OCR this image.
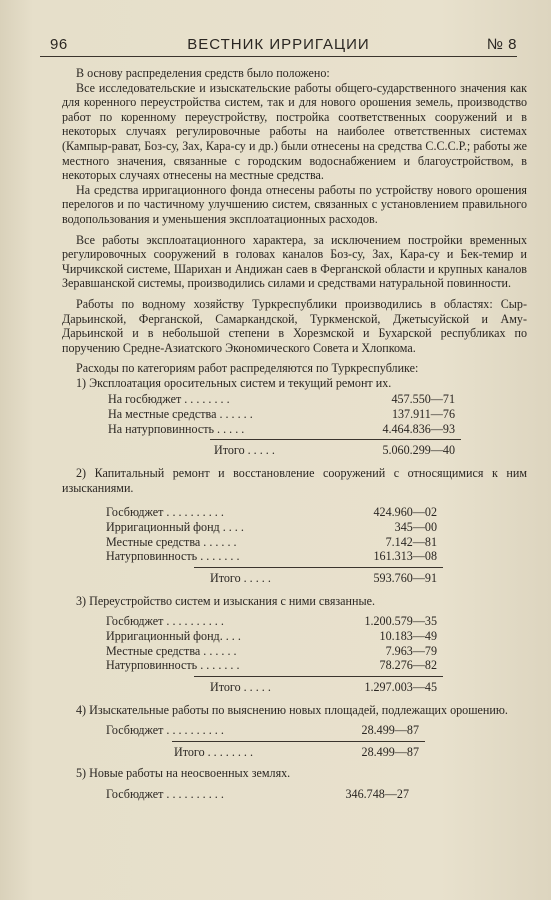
96	ВЕСТНИК ИРРИГАЦИИ	№ 8

В основу распределения средств было положено:

Все исследовательские и изыскательские работы общего-сударственного значения как для коренного переустройства систем, так и для нового орошения земель, производство работ по коренному переустройству, постройка соответственных сооружений и в некоторых случаях регулировочные работы на наиболее ответственных системах (Кампыр-рават, Боз-су, Зах, Кара-су и др.) были отнесены на средства С.С.С.Р.; работы же местного значения, связанные с городским водоснабжением и благоустройством, в некоторых случаях отнесены на местные средства.

На средства ирригационного фонда отнесены работы по устройству нового орошения перелогов и по частичному улучшению систем, связанных с установлением правильного водопользования и уменьшения эксплоатационных расходов.

Все работы эксплоатационного характера, за исключением постройки временных регулировочных сооружений в головах каналов Боз-су, Зах, Кара-су и Бек-темир и Чирчикской системе, Шарихан и Андижан саев в Ферганской области и крупных каналов Зеравшанской системы, производились силами и средствами натуральной повинности.

Работы по водному хозяйству Туркреспублики производились в областях: Сыр-Дарьинской, Ферганской, Самаркандской, Туркменской, Джетысуйской и Аму-Дарьинской и в небольшой степени в Хорезмской и Бухарской республиках по поручению Средне-Азиатского Экономического Совета и Хлопкома.

Расходы по категориям работ распределяются по Туркреспублике:

1) Эксплоатация оросительных систем и текущий ремонт их.

На госбюджет . . . . . . . .	457.550—71
На местные средства . . . . . .	137.911—76
На натурповинность . . . . .	4.464.836—93
Итого . . . . .	5.060.299—40

2) Капитальный ремонт и восстановление сооружений с относящимися к ним изысканиями.

Госбюджет . . . . . . . . . .	424.960—02
Ирригационный фонд . . . .	345—00
Местные средства . . . . . .	7.142—81
Натурповинность . . . . . . .	161.313—08
Итого . . . . .	593.760—91

3) Переустройство систем и изыскания с ними связанные.

Госбюджет . . . . . . . . . .	1.200.579—35
Ирригационный фонд. . . .	10.183—49
Местные средства . . . . . .	7.963—79
Натурповинность . . . . . . .	78.276—82
Итого . . . . .	1.297.003—45

4) Изыскательные работы по выяснению новых площадей, подлежащих орошению.

Госбюджет . . . . . . . . . .	28.499—87
Итого . . . . . . . .	28.499—87

5) Новые работы на неосвоенных землях.

Госбюджет . . . . . . . . . .	346.748—27
